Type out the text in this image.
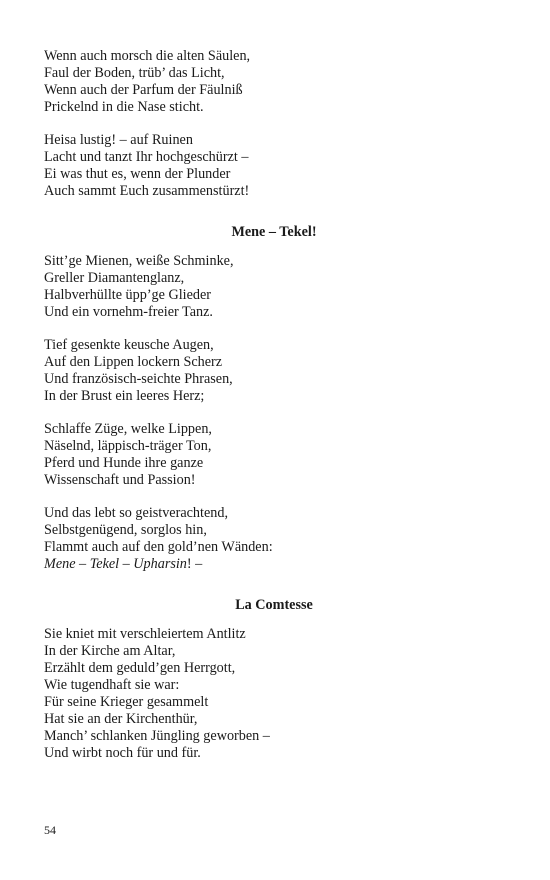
Wenn auch morsch die alten Säulen,
Faul der Boden, trüb’ das Licht,
Wenn auch der Parfum der Fäulniß
Prickelnd in die Nase sticht.
Heisa lustig! – auf Ruinen
Lacht und tanzt Ihr hochgeschürzt –
Ei was thut es, wenn der Plunder
Auch sammt Euch zusammenstürzt!
Mene – Tekel!
Sitt’ge Mienen, weiße Schminke,
Greller Diamantenglanz,
Halbverhüllte üpp’ge Glieder
Und ein vornehm-freier Tanz.
Tief gesenkte keusche Augen,
Auf den Lippen lockern Scherz
Und französisch-seichte Phrasen,
In der Brust ein leeres Herz;
Schlaffe Züge, welke Lippen,
Näselnd, läppisch-träger Ton,
Pferd und Hunde ihre ganze
Wissenschaft und Passion!
Und das lebt so geistverachtend,
Selbstgenügend, sorglos hin,
Flammt auch auf den gold’nen Wänden:
Mene – Tekel – Upharsin! –
La Comtesse
Sie kniet mit verschleiertem Antlitz
In der Kirche am Altar,
Erzählt dem geduld’gen Herrgott,
Wie tugendhaft sie war:
Für seine Krieger gesammelt
Hat sie an der Kirchenthür,
Manch’ schlanken Jüngling geworben –
Und wirbt noch für und für.
54
